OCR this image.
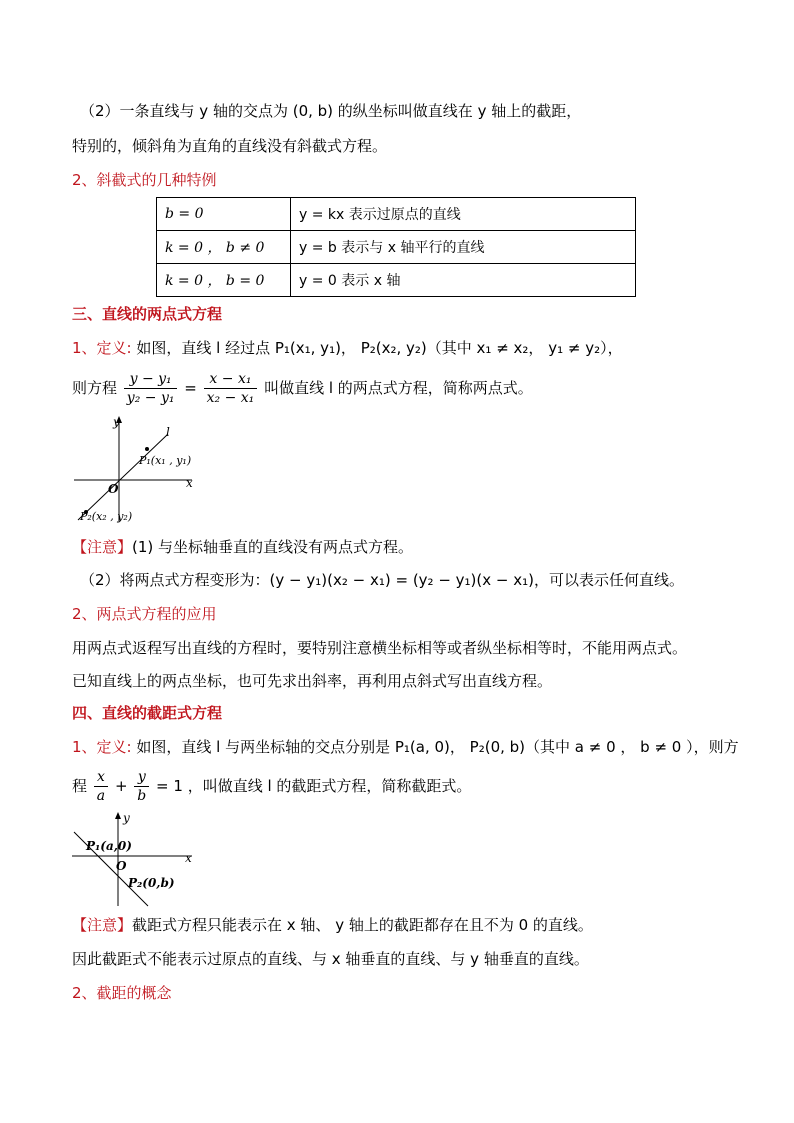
（2）一条直线与 y 轴的交点为 (0, b) 的纵坐标叫做直线在 y 轴上的截距，
特别的，倾斜角为直角的直线没有斜截式方程。
2、斜截式的几种特例
b = 0	y = kx 表示过原点的直线
k = 0 ， b ≠ 0	y = b 表示与 x 轴平行的直线
k = 0 ， b = 0	y = 0 表示 x 轴
三、直线的两点式方程
1、定义: 如图，直线 l 经过点 P₁(x₁, y₁)， P₂(x₂, y₂)（其中 x₁ ≠ x₂， y₁ ≠ y₂），
则方程 $\frac{\text{y − y₁}}{\text{y₂ − y₁}} = \frac{\text{x − x₁}}{\text{x₂ − x₁}}$ 叫做直线 l 的两点式方程，简称两点式。
y
x
O
l
P₁(x₁ , y₁)
P₂(x₂ , y₂)
【注意】(1) 与坐标轴垂直的直线没有两点式方程。
（2）将两点式方程变形为：(y − y₁)(x₂ − x₁) = (y₂ − y₁)(x − x₁)，可以表示任何直线。
2、两点式方程的应用
用两点式返程写出直线的方程时，要特别注意横坐标相等或者纵坐标相等时，不能用两点式。
已知直线上的两点坐标，也可先求出斜率，再利用点斜式写出直线方程。
四、直线的截距式方程
1、定义: 如图，直线 l 与两坐标轴的交点分别是 P₁(a, 0)， P₂(0, b)（其中 a ≠ 0 ， b ≠ 0 ），则方
程 $\frac{x}{a} + \frac{y}{b} = 1$ ，叫做直线 l 的截距式方程，简称截距式。
y
x
O
P₁(a,0)
P₂(0,b)
【注意】截距式方程只能表示在 x 轴、 y 轴上的截距都存在且不为 0 的直线。
因此截距式不能表示过原点的直线、与 x 轴垂直的直线、与 y 轴垂直的直线。
2、截距的概念
